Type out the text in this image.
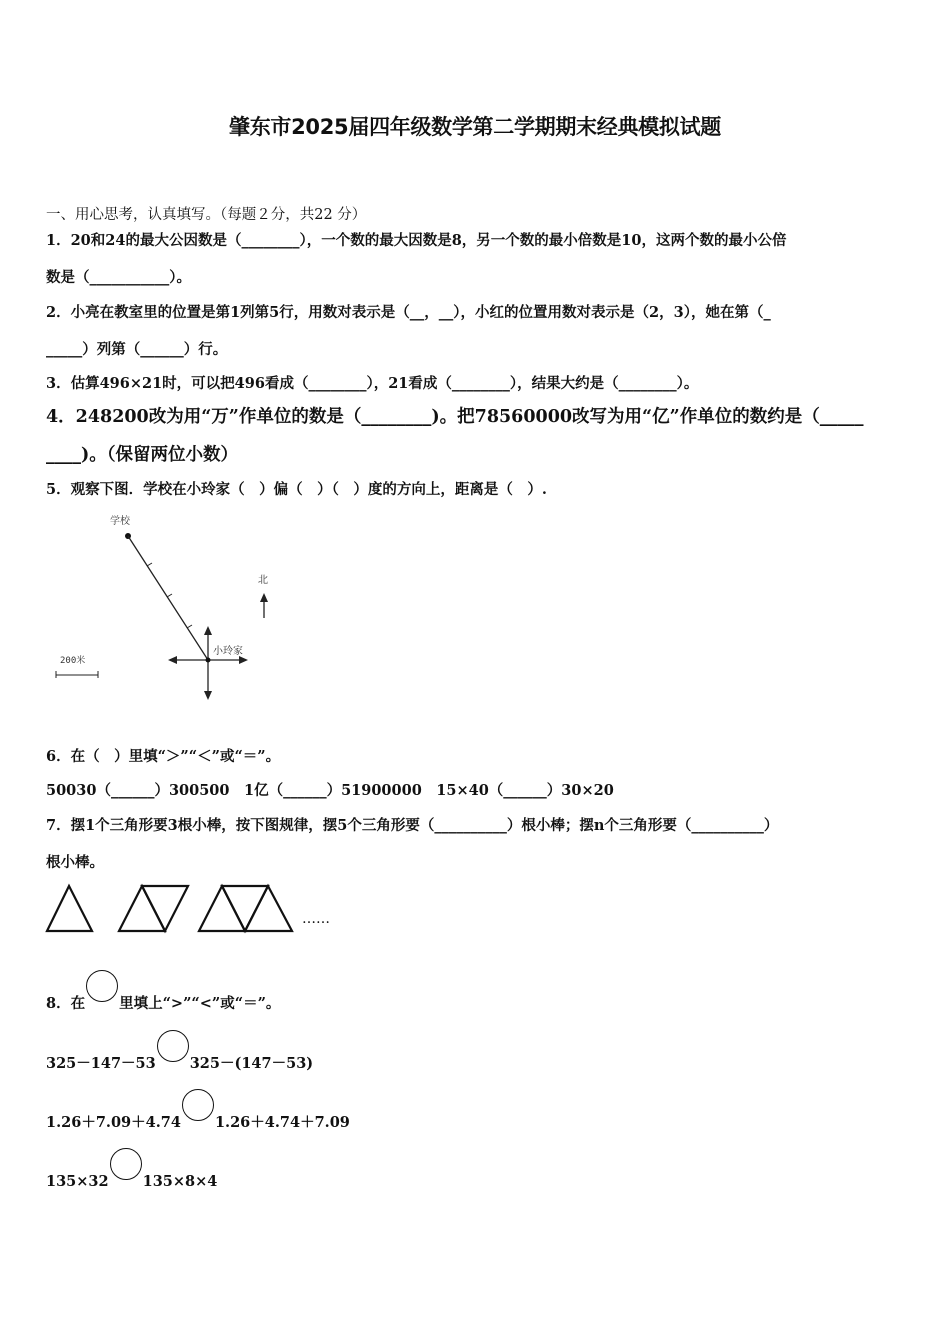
肇东市2025届四年级数学第二学期期末经典模拟试题
一、用心思考，认真填写。（每题２分，共22 分）
1．20和24的最大公因数是（________），一个数的最大因数是8，另一个数的最小倍数是10，这两个数的最小公倍
数是（___________）。
2．小亮在教室里的位置是第1列第5行，用数对表示是（__，__），小红的位置用数对表示是（2，3），她在第（_
_____）列第（______）行。
3．估算496×21时，可以把496看成（________），21看成（________），结果大约是（________）。
4．248200改为用“万”作单位的数是（________)。把78560000改写为用“亿”作单位的数约是（_____
____)。（保留两位小数）
5．观察下图．学校在小玲家（　）偏（　）（　）度的方向上，距离是（　）.
学校
小玲家
北
200米
6．在（　）里填“＞”“＜”或“＝”。
50030（______）300500　1亿（______）51900000　15×40（______）30×20
7．摆1个三角形要3根小棒，按下图规律，摆5个三角形要（__________）根小棒；摆n个三角形要（__________）
根小棒。
……
8．在 里填上“>”“<”或“＝”。
325－147－53 325－(147－53)
1.26＋7.09＋4.74 1.26＋4.74＋7.09
135×32 135×8×4
